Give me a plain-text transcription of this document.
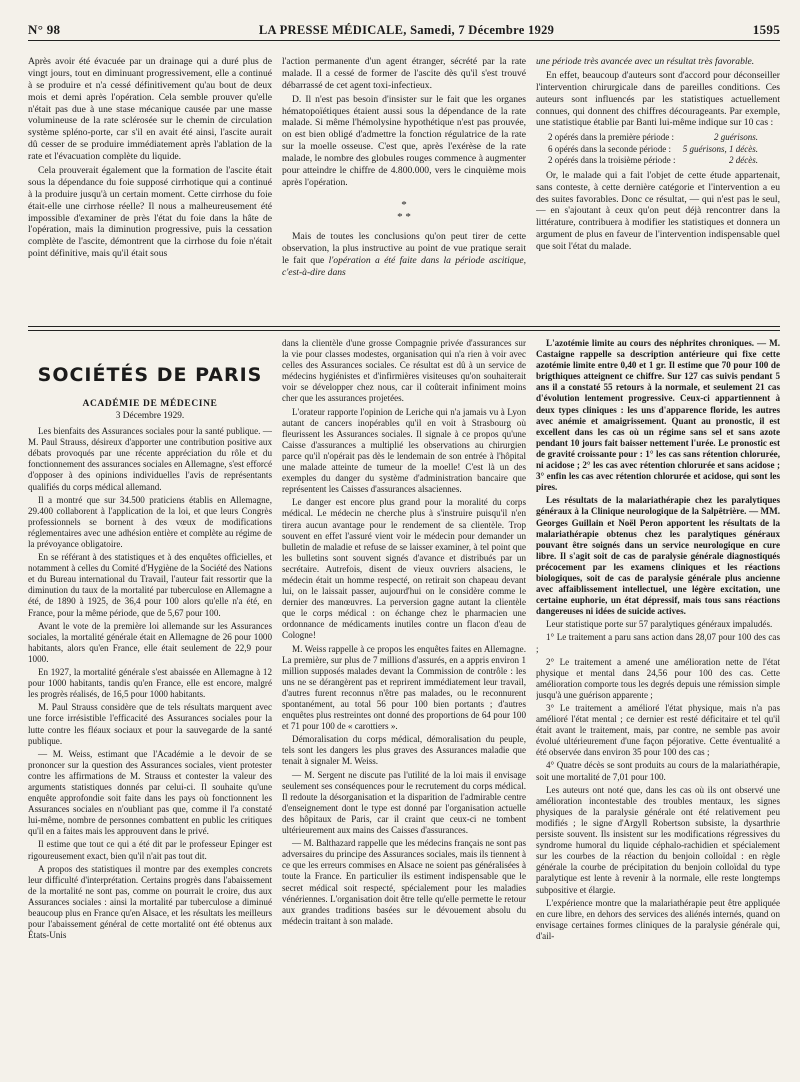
N° 98	LA PRESSE MÉDICALE, Samedi, 7 Décembre 1929	1595

Après avoir été évacuée par un drainage qui a duré plus de vingt jours, tout en diminuant progressivement, elle a continué à se produire et n'a cessé définitivement qu'au bout de deux mois et demi après l'opération. Cela semble prouver qu'elle n'était pas due à une stase mécanique causée par une masse volumineuse de la rate sclérosée sur le chemin de circulation système spléno-porte, car s'il en avait été ainsi, l'ascite aurait dû cesser de se produire immédiatement après l'ablation de la rate et l'évacuation complète du liquide.

Cela prouverait également que la formation de l'ascite était sous la dépendance du foie supposé cirrhotique qui a continué à la produire jusqu'à un certain moment. Cette cirrhose du foie était-elle une cirrhose réelle? Il nous a malheureusement été impossible d'examiner de près l'état du foie dans la hâte de l'opération, mais la diminution progressive, puis la cessation complète de l'ascite, démontrent que la cirrhose du foie n'était point définitive, mais qu'il était sous

l'action permanente d'un agent étranger, sécrété par la rate malade. Il a cessé de former de l'ascite dès qu'il s'est trouvé débarrassé de cet agent toxi-infectieux.

D. Il n'est pas besoin d'insister sur le fait que les organes hématopoïétiques étaient aussi sous la dépendance de la rate malade. Si même l'hémolysine hypothétique n'est pas prouvée, on est bien obligé d'admettre la fonction régulatrice de la rate sur la moelle osseuse. C'est que, après l'exérèse de la rate malade, le nombre des globules rouges commence à augmenter pour atteindre le chiffre de 4.800.000, vers le cinquième mois après l'opération.

*
* *

Mais de toutes les conclusions qu'on peut tirer de cette observation, la plus instructive au point de vue pratique serait le fait que l'opération a été faite dans la période ascitique, c'est-à-dire dans

une période très avancée avec un résultat très favorable.

En effet, beaucoup d'auteurs sont d'accord pour déconseiller l'intervention chirurgicale dans de pareilles conditions. Ces auteurs sont influencés par les statistiques actuellement connues, qui donnent des chiffres décourageants. Par exemple, une statistique établie par Banti lui-même indique sur 10 cas :

2 opérés dans la première période :	2 guérisons.
6 opérés dans la seconde période : 5 guérisons, 1 décès.
2 opérés dans la troisième période :	2 décès.

Or, le malade qui a fait l'objet de cette étude appartenait, sans conteste, à cette dernière catégorie et l'intervention a eu des suites favorables. Donc ce résultat, — qui n'est pas le seul, — en s'ajoutant à ceux qu'on peut déjà rencontrer dans la littérature, contribuera à modifier les statistiques et donnera un argument de plus en faveur de l'intervention indispensable quel que soit l'état du malade.

SOCIÉTÉS DE PARIS
ACADÉMIE DE MÉDECINE
3 Décembre 1929.

Les bienfaits des Assurances sociales pour la santé publique. — M. Paul Strauss, désireux d'apporter une contribution positive aux débats provoqués par une récente appréciation du rôle et du fonctionnement des assurances sociales en Allemagne, s'est efforcé d'opposer à des opinions individuelles l'avis de représentants qualifiés du corps médical allemand.

Il a montré que sur 34.500 praticiens établis en Allemagne, 29.400 collaborent à l'application de la loi, et que leurs Congrès professionnels se bornent à des vœux de modifications réglementaires avec une adhésion entière et complète au régime de la prévoyance obligatoire.

En se référant à des statistiques et à des enquêtes officielles, et notamment à celles du Comité d'Hygiène de la Société des Nations et du Bureau international du Travail, l'auteur fait ressortir que la diminution du taux de la mortalité par tuberculose en Allemagne a été, de 1890 à 1925, de 36,4 pour 100 alors qu'elle n'a été, en France, pour la même période, que de 5,67 pour 100.

Avant le vote de la première loi allemande sur les Assurances sociales, la mortalité générale était en Allemagne de 26 pour 1000 habitants, alors qu'en France, elle était seulement de 22,9 pour 1000.

En 1927, la mortalité générale s'est abaissée en Allemagne à 12 pour 1000 habitants, tandis qu'en France, elle est encore, malgré les progrès réalisés, de 16,5 pour 1000 habitants.

M. Paul Strauss considère que de tels résultats marquent avec une force irrésistible l'efficacité des Assurances sociales pour la lutte contre les fléaux sociaux et pour la sauvegarde de la santé publique.

— M. Weiss, estimant que l'Académie a le devoir de se prononcer sur la question des Assurances sociales, vient protester contre les affirmations de M. Strauss et contester la valeur des arguments statistiques donnés par celui-ci. Il souhaite qu'une enquête approfondie soit faite dans les pays où fonctionnent les Assurances sociales en n'oubliant pas que, comme il l'a constaté lui-même, nombre de personnes combattent en public les critiques qu'il en a faites mais les approuvent dans le privé.

Il estime que tout ce qui a été dit par le professeur Epinger est rigoureusement exact, bien qu'il n'ait pas tout dit.

A propos des statistiques il montre par des exemples concrets leur difficulté d'interprétation. Certains progrès dans l'abaissement de la mortalité ne sont pas, comme on pourrait le croire, dus aux Assurances sociales : ainsi la mortalité par tuberculose a diminué beaucoup plus en France qu'en Alsace, et les résultats les meilleurs pour l'abaissement général de cette mortalité ont été obtenus aux États-Unis

dans la clientèle d'une grosse Compagnie privée d'assurances sur la vie pour classes modestes, organisation qui n'a rien à voir avec celles des Assurances sociales. Ce résultat est dû à un service de médecins hygiénistes et d'infirmières visiteuses qu'on souhaiterait voir se développer chez nous, car il coûterait infiniment moins cher que les assurances projetées.

L'orateur rapporte l'opinion de Leriche qui n'a jamais vu à Lyon autant de cancers inopérables qu'il en voit à Strasbourg où fleurissent les Assurances sociales. Il signale à ce propos qu'une Caisse d'assurances a multiplié les observations au chirurgien parce qu'il n'opérait pas dès le lendemain de son entrée à l'hôpital une malade atteinte de tumeur de la moelle! C'est là un des exemples du danger du système d'administration bancaire que représentent les Caisses d'assurances alsaciennes.

Le danger est encore plus grand pour la moralité du corps médical. Le médecin ne cherche plus à s'instruire puisqu'il n'en tirera aucun avantage pour le rendement de sa clientèle. Trop souvent en effet l'assuré vient voir le médecin pour demander un bulletin de maladie et refuse de se laisser examiner, à tel point que les bulletins sont souvent signés d'avance et distribués par un secrétaire. Autrefois, disent de vieux ouvriers alsaciens, le médecin était un homme respecté, on retirait son chapeau devant lui, on le laissait passer, aujourd'hui on le considère comme le dernier des manœuvres. La perversion gagne autant la clientèle que le corps médical : on échange chez le pharmacien une ordonnance de médicaments inutiles contre un flacon d'eau de Cologne!

M. Weiss rappelle à ce propos les enquêtes faites en Allemagne. La première, sur plus de 7 millions d'assurés, en a appris environ 1 million supposés malades devant la Commission de contrôle : les uns ne se dérangèrent pas et reprirent immédiatement leur travail, d'autres furent reconnus n'être pas malades, ou le reconnurent spontanément, au total 56 pour 100 bien portants ; d'autres enquêtes plus restreintes ont donné des proportions de 64 pour 100 et 71 pour 100 de « carottiers ».

Démoralisation du corps médical, démoralisation du peuple, tels sont les dangers les plus graves des Assurances maladie que tenait à signaler M. Weiss.

— M. Sergent ne discute pas l'utilité de la loi mais il envisage seulement ses conséquences pour le recrutement du corps médical. Il redoute la désorganisation et la disparition de l'admirable centre d'enseignement dont le type est donné par l'organisation actuelle des hôpitaux de Paris, car il craint que ceux-ci ne tombent ultérieurement aux mains des Caisses d'assurances.

— M. Balthazard rappelle que les médecins français ne sont pas adversaires du principe des Assurances sociales, mais ils tiennent à ce que les erreurs commises en Alsace ne soient pas généralisées à toute la France. En particulier ils estiment indispensable que le secret médical soit respecté, spécialement pour les maladies vénériennes. L'organisation doit être telle qu'elle permette le retour aux grandes traditions basées sur le dévouement absolu du médecin traitant à son malade.

L'azotémie limite au cours des néphrites chroniques. — M. Castaigne rappelle sa description antérieure qui fixe cette azotémie limite entre 0,40 et 1 gr. Il estime que 70 pour 100 de brigthiques atteignent ce chiffre. Sur 127 cas suivis pendant 5 ans il a constaté 55 retours à la normale, et seulement 21 cas d'évolution lentement progressive. Ceux-ci appartiennent à deux types cliniques : les uns d'apparence floride, les autres avec anémie et amaigrissement. Quant au pronostic, il est excellent dans les cas où un régime sans sel et sans azote pendant 10 jours fait baisser nettement l'urée. Le pronostic est de gravité croissante pour : 1° les cas sans rétention chlorurée, ni acidose ; 2° les cas avec rétention chlorurée et sans acidose ; 3° enfin les cas avec rétention chlorurée et acidose, qui sont les pires.

Les résultats de la malariathérapie chez les paralytiques généraux à la Clinique neurologique de la Salpêtrière. — MM. Georges Guillain et Noël Peron apportent les résultats de la malariathérapie obtenus chez les paralytiques généraux pouvant être soignés dans un service neurologique en cure libre. Il s'agit soit de cas de paralysie générale diagnostiqués précocement par les examens cliniques et les réactions biologiques, soit de cas de paralysie générale plus ancienne avec affaiblissement intellectuel, une légère excitation, une certaine euphorie, un état dépressif, mais tous sans réactions dangereuses ni idées de suicide actives.

Leur statistique porte sur 57 paralytiques généraux impaludés.

1° Le traitement a paru sans action dans 28,07 pour 100 des cas ;

2° Le traitement a amené une amélioration nette de l'état physique et mental dans 24,56 pour 100 des cas. Cette amélioration comporte tous les degrés depuis une rémission simple jusqu'à une guérison apparente ;

3° Le traitement a amélioré l'état physique, mais n'a pas amélioré l'état mental ; ce dernier est resté déficitaire et tel qu'il était avant le traitement, mais, par contre, ne semble pas avoir évolué ultérieurement d'une façon péjorative. Cette éventualité a été observée dans environ 35 pour 100 des cas ;

4° Quatre décès se sont produits au cours de la malariathérapie, soit une mortalité de 7,01 pour 100.

Les auteurs ont noté que, dans les cas où ils ont observé une amélioration incontestable des troubles mentaux, les signes physiques de la paralysie générale ont été relativement peu modifiés ; le signe d'Argyll Robertson subsiste, la dysarthrie persiste souvent. Ils insistent sur les modifications régressives du syndrome humoral du liquide céphalo-rachidien et spécialement sur les courbes de la réaction du benjoin colloïdal : en règle générale la courbe de précipitation du benjoin colloïdal du type paralytique est lente à revenir à la normale, elle reste longtemps subpositive et élargie.

L'expérience montre que la malariathérapie peut être appliquée en cure libre, en dehors des services des aliénés internés, quand on envisage certaines formes cliniques de la paralysie générale qui, d'ail-
